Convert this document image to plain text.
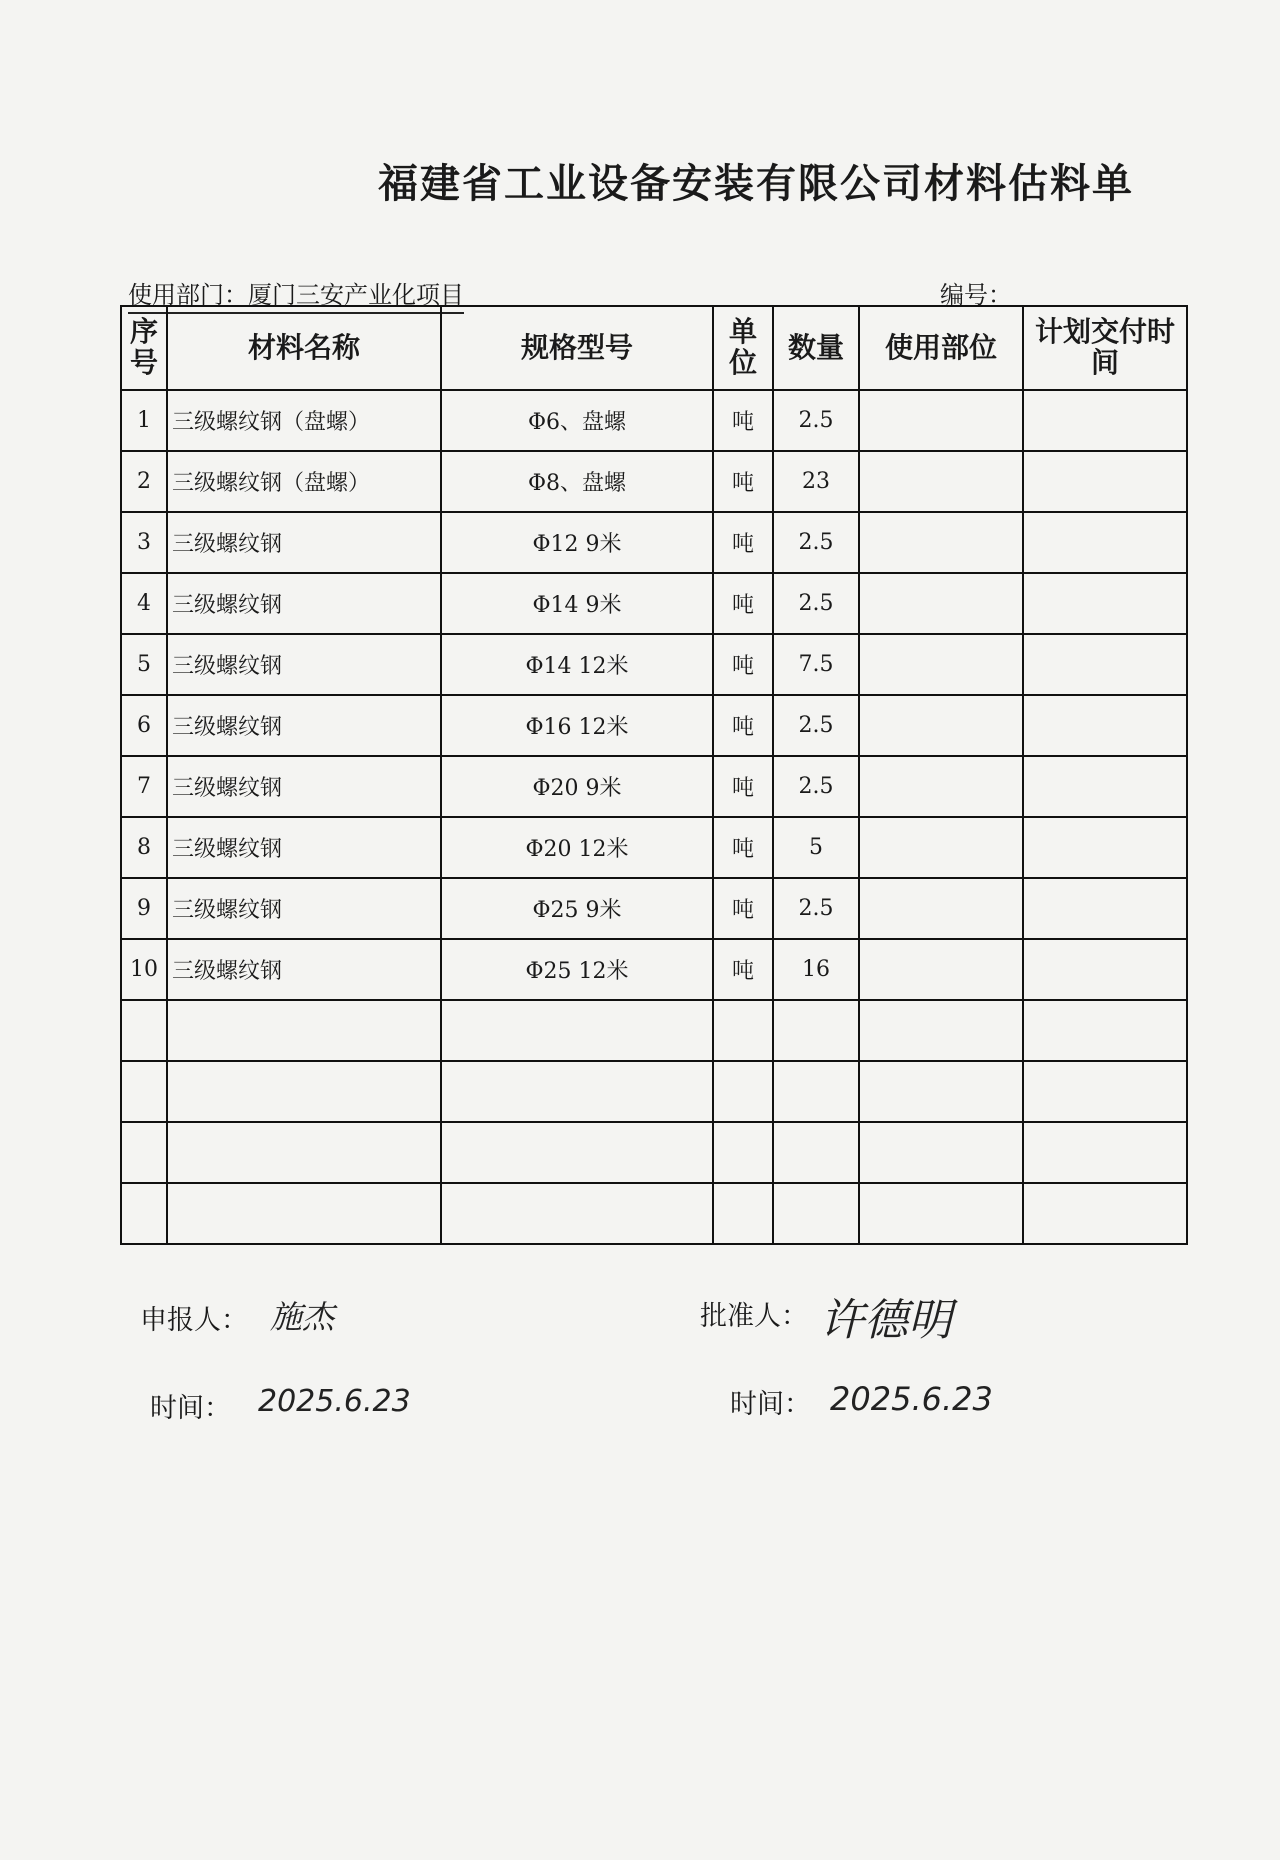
福建省工业设备安装有限公司材料估料单
使用部门：厦门三安产业化项目	编号：
序号	材料名称	规格型号	单位	数量	使用部位	计划交付时间
1	三级螺纹钢（盘螺）	Φ6、盘螺	吨	2.5		
2	三级螺纹钢（盘螺）	Φ8、盘螺	吨	23		
3	三级螺纹钢	Φ12 9米	吨	2.5		
4	三级螺纹钢	Φ14 9米	吨	2.5		
5	三级螺纹钢	Φ14 12米	吨	7.5		
6	三级螺纹钢	Φ16 12米	吨	2.5		
7	三级螺纹钢	Φ20 9米	吨	2.5		
8	三级螺纹钢	Φ20 12米	吨	5		
9	三级螺纹钢	Φ25 9米	吨	2.5		
10	三级螺纹钢	Φ25 12米	吨	16		

申报人： 施杰	批准人： 许德明
时间： 2025.6.23	时间： 2025.6.23
